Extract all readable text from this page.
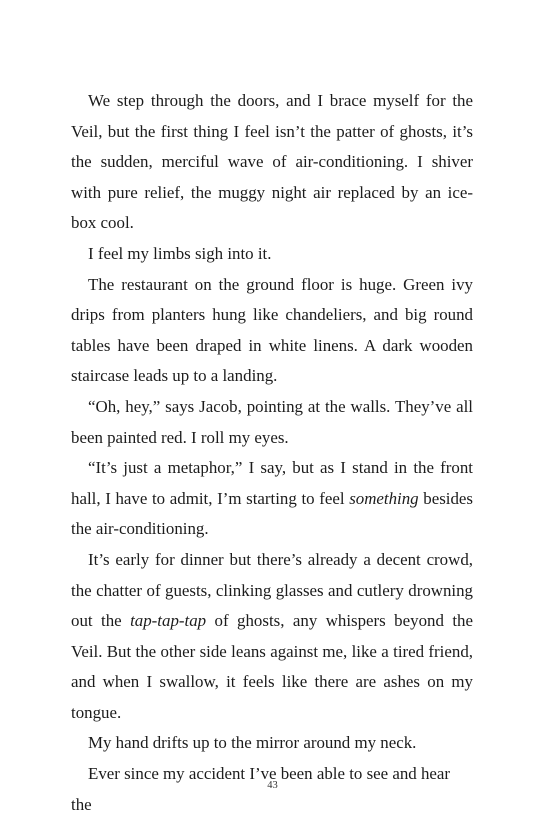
We step through the doors, and I brace myself for the Veil, but the first thing I feel isn’t the patter of ghosts, it’s the sudden, merciful wave of air-conditioning. I shiver with pure relief, the muggy night air replaced by an ice-box cool.

I feel my limbs sigh into it.

The restaurant on the ground floor is huge. Green ivy drips from planters hung like chandeliers, and big round tables have been draped in white linens. A dark wooden staircase leads up to a landing.

“Oh, hey,” says Jacob, pointing at the walls. They’ve all been painted red. I roll my eyes.

“It’s just a metaphor,” I say, but as I stand in the front hall, I have to admit, I’m starting to feel something besides the air-conditioning.

It’s early for dinner but there’s already a decent crowd, the chatter of guests, clinking glasses and cutlery drowning out the tap-tap-tap of ghosts, any whispers beyond the Veil. But the other side leans against me, like a tired friend, and when I swallow, it feels like there are ashes on my tongue.

My hand drifts up to the mirror around my neck.

Ever since my accident I’ve been able to see and hear the

43
